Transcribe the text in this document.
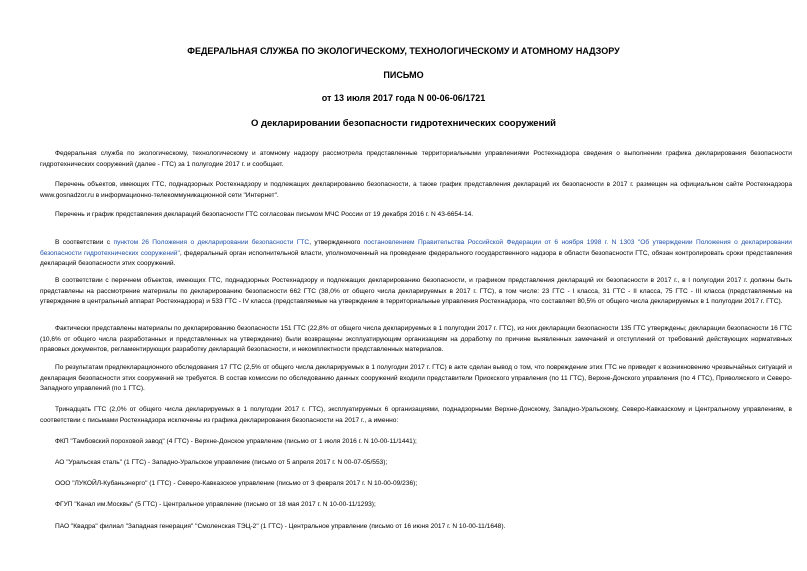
ФЕДЕРАЛЬНАЯ СЛУЖБА ПО ЭКОЛОГИЧЕСКОМУ, ТЕХНОЛОГИЧЕСКОМУ И АТОМНОМУ НАДЗОРУ
ПИСЬМО
от 13 июля 2017 года N 00-06-06/1721
О декларировании безопасности гидротехнических сооружений
Федеральная служба по экологическому, технологическому и атомному надзору рассмотрела представленные территориальными управлениями Ростехнадзора сведения о выполнении графика декларирования безопасности гидротехнических сооружений (далее - ГТС) за 1 полугодие 2017 г. и сообщает.
Перечень объектов, имеющих ГТС, поднадзорных Ростехнадзору и подлежащих декларированию безопасности, а также график представления деклараций их безопасности в 2017 г. размещен на официальном сайте Ростехнадзора www.gosnadzor.ru в информационно-телекоммуникационной сети "Интернет".
Перечень и график представления деклараций безопасности ГТС согласован письмом МЧС России от 19 декабря 2016 г. N 43-6654-14.
В соответствии с пунктом 26 Положения о декларировании безопасности ГТС, утвержденного постановлением Правительства Российской Федерации от 6 ноября 1998 г. N 1303 "Об утверждении Положения о декларировании безопасности гидротехнических сооружений", федеральный орган исполнительной власти, уполномоченный на проведение федерального государственного надзора в области безопасности ГТС, обязан контролировать сроки представления деклараций безопасности этих сооружений.
В соответствии с перечнем объектов, имеющих ГТС, поднадзорных Ростехнадзору и подлежащих декларированию безопасности, и графиком представления деклараций их безопасности в 2017 г., в I полугодии 2017 г. должны быть представлены на рассмотрение материалы по декларированию безопасности 662 ГТС (38,0% от общего числа декларируемых в 2017 г. ГТС), в том числе: 23 ГТС - I класса, 31 ГТС - II класса, 75 ГТС - III класса (представляемые на утверждение в центральный аппарат Ростехнадзора) и 533 ГТС - IV класса (представляемые на утверждение в территориальные управления Ростехнадзора, что составляет 80,5% от общего числа декларируемых в 1 полугодии 2017 г. ГТС).
Фактически представлены материалы по декларированию безопасности 151 ГТС (22,8% от общего числа декларируемых в 1 полугодии 2017 г. ГТС), из них декларации безопасности 135 ГТС утверждены; декларации безопасности 16 ГТС (10,6% от общего числа разработанных и представленных на утверждение) были возвращены эксплуатирующим организациям на доработку по причине выявленных замечаний и отступлений от требований действующих нормативных правовых документов, регламентирующих разработку деклараций безопасности, и некомплектности представленных материалов.
По результатам предпекларационного обследования 17 ГТС (2,5% от общего числа декларируемых в 1 полугодии 2017 г. ГТС) в акте сделан вывод о том, что повреждение этих ГТС не приведет к возникновению чрезвычайных ситуаций и декларация безопасности этих сооружений не требуется. В состав комиссии по обследованию данных сооружений входили представители Приокского управления (по 11 ГТС), Верхне-Донского управления (по 4 ГТС), Приволжского и Северо-Западного управлений (по 1 ГТС).
Тринадцать ГТС (2,0% от общего числа декларируемых в 1 полугодии 2017 г. ГТС), эксплуатируемых 6 организациями, поднадзорными Верхне-Донскому, Западно-Уральскому, Северо-Кавказскому и Центральному управлениям, в соответствии с письмами Ростехнадзора исключены из графика декларирования безопасности на 2017 г., а именно:
ФКП "Тамбовский пороховой завод" (4 ГТС) - Верхне-Донское управление (письмо от 1 июля 2016 г. N 10-00-11/1441);
АО "Уральская сталь" (1 ГТС) - Западно-Уральское управление (письмо от 5 апреля 2017 г. N 00-07-05/553);
ООО "ЛУКОЙЛ-Кубаньэнерго" (1 ГТС) - Северо-Кавказское управление (письмо от 3 февраля 2017 г. N 10-00-09/236);
ФГУП "Канал им.Москвы" (5 ГТС) - Центральное управление (письмо от 18 мая 2017 г. N 10-00-11/1293);
ПАО "Квадра" филиал "Западная генерация" "Смоленская ТЭЦ-2" (1 ГТС) - Центральное управление (письмо от 16 июня 2017 г. N 10-00-11/1648).
